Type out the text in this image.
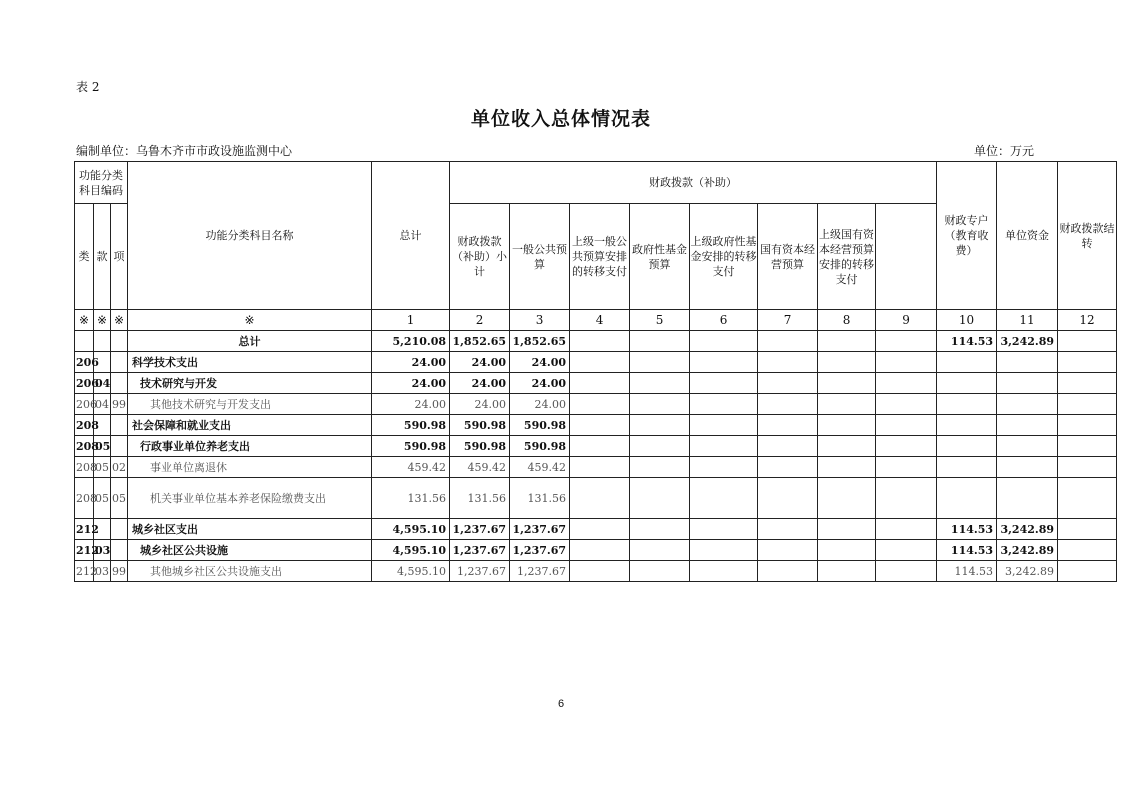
表 2
单位收入总体情况表
编制单位：乌鲁木齐市市政设施监测中心	单位：万元
功能分类科目编码			功能分类科目名称	总计	财政拨款（补助）								财政专户（教育收费）	单位资金	财政拨款结转	
类	款	项			财政拨款（补助）小计	一般公共预算	上级一般公共预算安排的转移支付	政府性基金预算	上级政府性基金安排的转移支付	国有资本经营预算	上级国有资本经营预算安排的转移支付					
※	※	※	※	1	2	3	4	5	6	7	8	9	10	11	12	
			总计	5,210.08	1,852.65	1,852.65							114.53	3,242.89		
206			科学技术支出	24.00	24.00	24.00										
206	04		技术研究与开发	24.00	24.00	24.00										
206	04	99	其他技术研究与开发支出	24.00	24.00	24.00										
208			社会保障和就业支出	590.98	590.98	590.98										
208	05		行政事业单位养老支出	590.98	590.98	590.98										
208	05	02	事业单位离退休	459.42	459.42	459.42										
208	05	05	机关事业单位基本养老保险缴费支出	131.56	131.56	131.56										
212			城乡社区支出	4,595.10	1,237.67	1,237.67							114.53	3,242.89		
212	03		城乡社区公共设施	4,595.10	1,237.67	1,237.67							114.53	3,242.89		
212	03	99	其他城乡社区公共设施支出	4,595.10	1,237.67	1,237.67							114.53	3,242.89		
6
